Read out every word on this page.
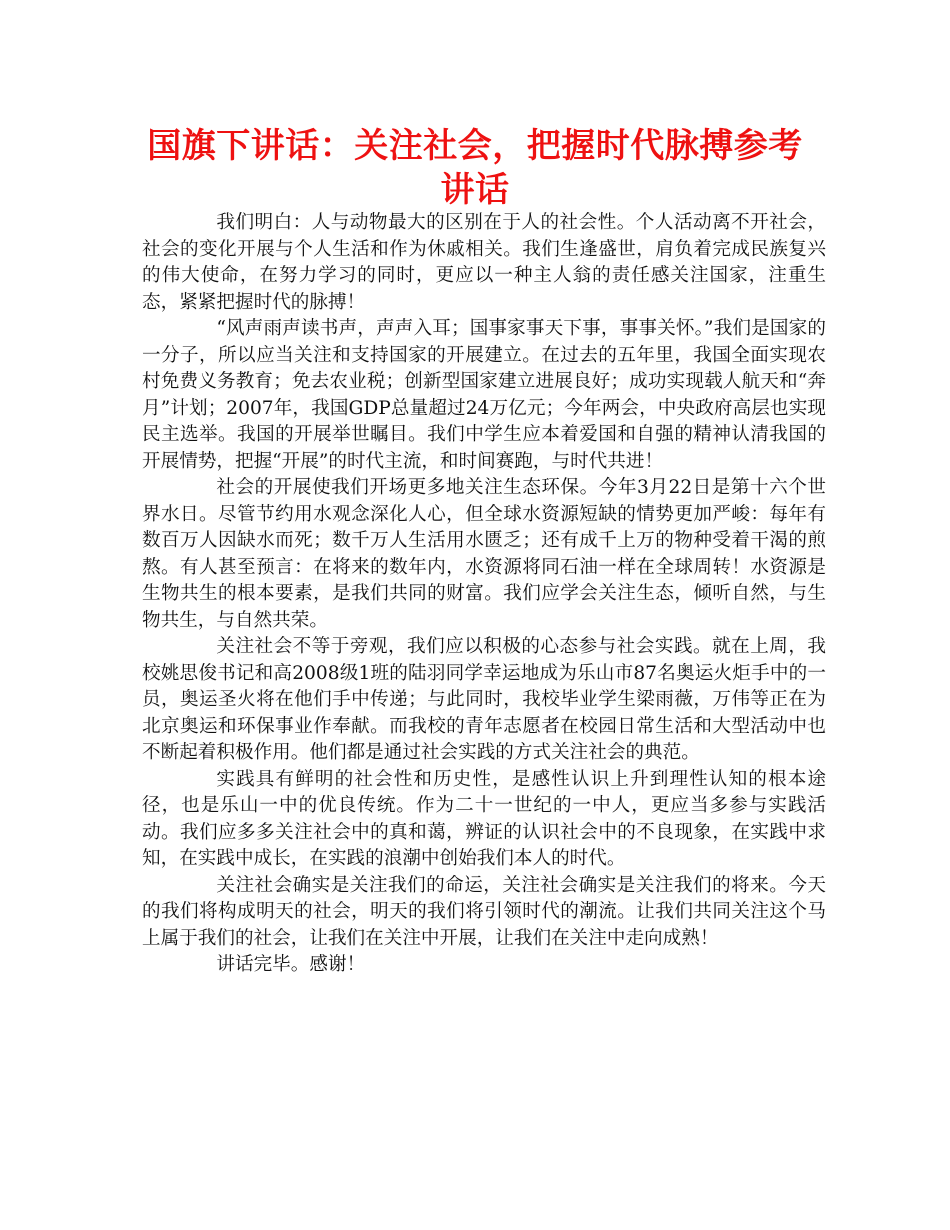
国旗下讲话：关注社会，把握时代脉搏参考讲话

我们明白：人与动物最大的区别在于人的社会性。个人活动离不开社会，社会的变化开展与个人生活和作为休戚相关。我们生逢盛世，肩负着完成民族复兴的伟大使命，在努力学习的同时，更应以一种主人翁的责任感关注国家，注重生态，紧紧把握时代的脉搏！

“风声雨声读书声，声声入耳；国事家事天下事，事事关怀。”我们是国家的一分子，所以应当关注和支持国家的开展建立。在过去的五年里，我国全面实现农村免费义务教育；免去农业税；创新型国家建立进展良好；成功实现载人航天和“奔月”计划；2007年，我国GDP总量超过24万亿元；今年两会，中央政府高层也实现民主选举。我国的开展举世瞩目。我们中学生应本着爱国和自强的精神认清我国的开展情势，把握“开展”的时代主流，和时间赛跑，与时代共进！

社会的开展使我们开场更多地关注生态环保。今年3月22日是第十六个世界水日。尽管节约用水观念深化人心，但全球水资源短缺的情势更加严峻：每年有数百万人因缺水而死；数千万人生活用水匮乏；还有成千上万的物种受着干渴的煎熬。有人甚至预言：在将来的数年内，水资源将同石油一样在全球周转！水资源是生物共生的根本要素，是我们共同的财富。我们应学会关注生态，倾听自然，与生物共生，与自然共荣。

关注社会不等于旁观，我们应以积极的心态参与社会实践。就在上周，我校姚思俊书记和高2008级1班的陆羽同学幸运地成为乐山市87名奥运火炬手中的一员，奥运圣火将在他们手中传递；与此同时，我校毕业学生梁雨薇，万伟等正在为北京奥运和环保事业作奉献。而我校的青年志愿者在校园日常生活和大型活动中也不断起着积极作用。他们都是通过社会实践的方式关注社会的典范。

实践具有鲜明的社会性和历史性，是感性认识上升到理性认知的根本途径，也是乐山一中的优良传统。作为二十一世纪的一中人，更应当多参与实践活动。我们应多多关注社会中的真和蔼，辨证的认识社会中的不良现象，在实践中求知，在实践中成长，在实践的浪潮中创始我们本人的时代。

关注社会确实是关注我们的命运，关注社会确实是关注我们的将来。今天的我们将构成明天的社会，明天的我们将引领时代的潮流。让我们共同关注这个马上属于我们的社会，让我们在关注中开展，让我们在关注中走向成熟！

讲话完毕。感谢！
